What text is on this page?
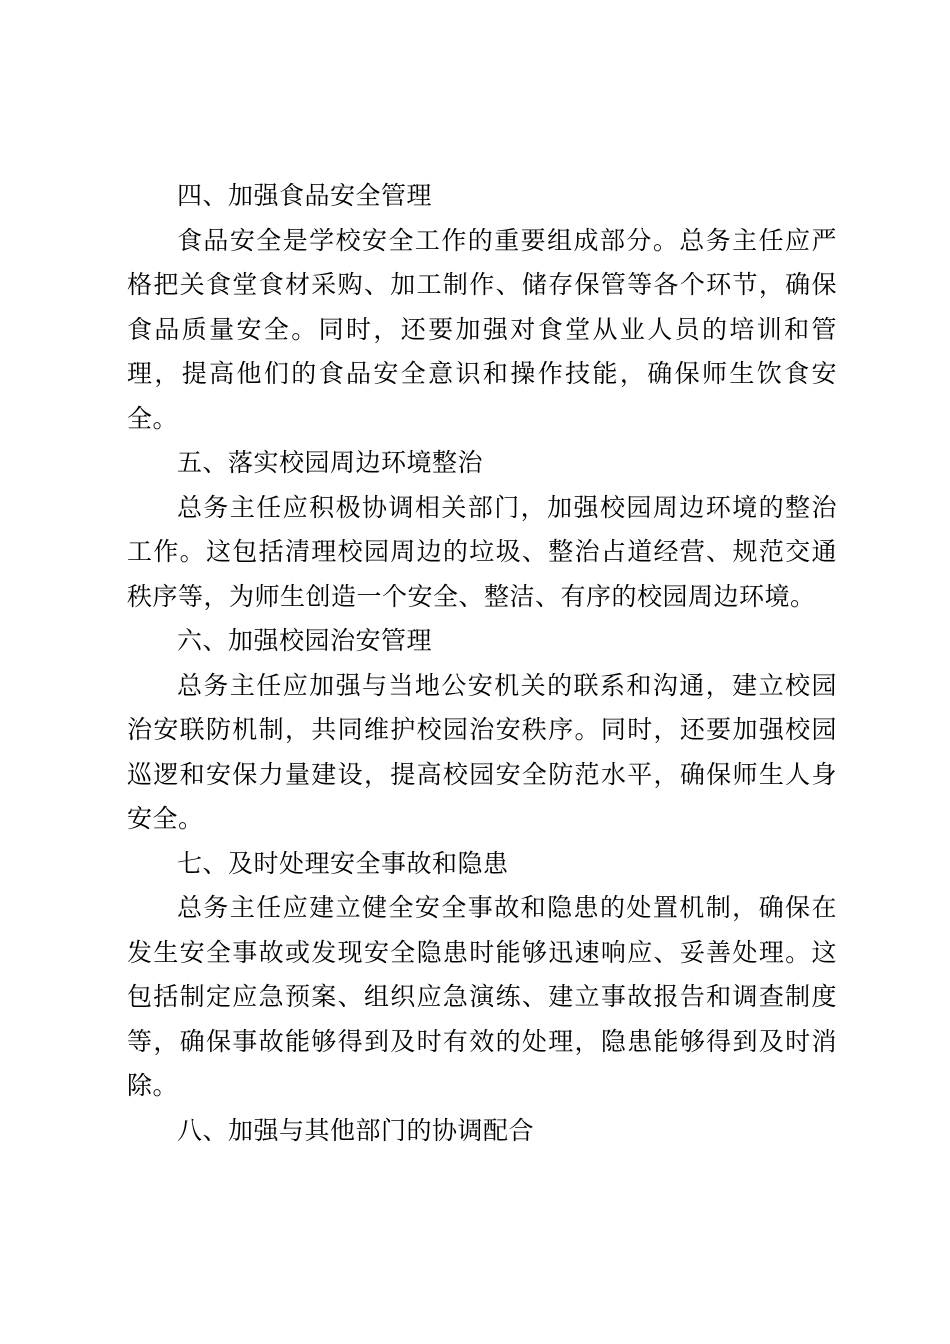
四、加强食品安全管理

食品安全是学校安全工作的重要组成部分。总务主任应严格把关食堂食材采购、加工制作、储存保管等各个环节，确保食品质量安全。同时，还要加强对食堂从业人员的培训和管理，提高他们的食品安全意识和操作技能，确保师生饮食安全。

五、落实校园周边环境整治

总务主任应积极协调相关部门，加强校园周边环境的整治工作。这包括清理校园周边的垃圾、整治占道经营、规范交通秩序等，为师生创造一个安全、整洁、有序的校园周边环境。

六、加强校园治安管理

总务主任应加强与当地公安机关的联系和沟通，建立校园治安联防机制，共同维护校园治安秩序。同时，还要加强校园巡逻和安保力量建设，提高校园安全防范水平，确保师生人身安全。

七、及时处理安全事故和隐患

总务主任应建立健全安全事故和隐患的处置机制，确保在发生安全事故或发现安全隐患时能够迅速响应、妥善处理。这包括制定应急预案、组织应急演练、建立事故报告和调查制度等，确保事故能够得到及时有效的处理，隐患能够得到及时消除。

八、加强与其他部门的协调配合
